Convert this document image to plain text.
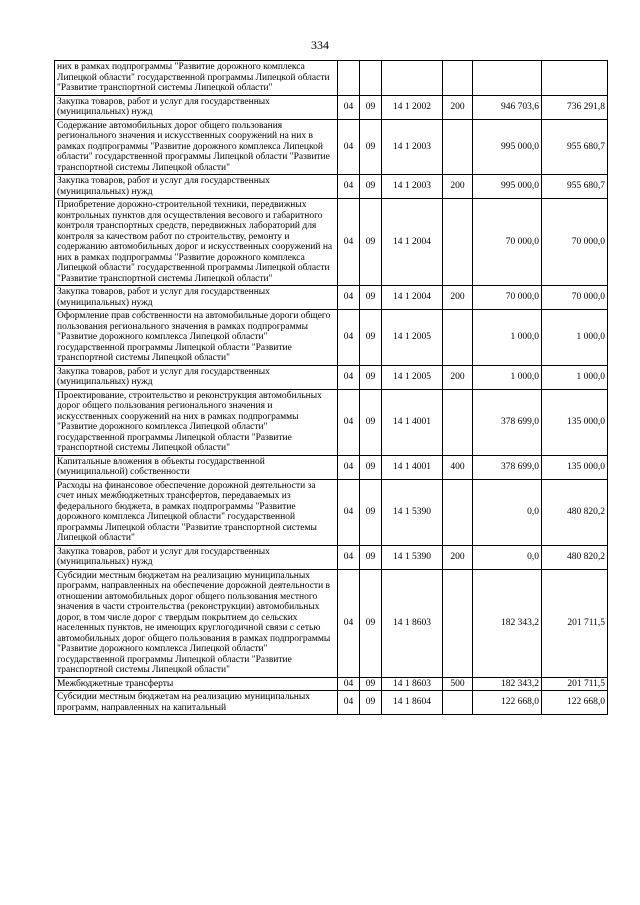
334
них в рамках подпрограммы "Развитие дорожного комплекса Липецкой области" государственной программы Липецкой области "Развитие транспортной системы Липецкой области"						
Закупка товаров, работ и услуг для государственных (муниципальных) нужд	04	09	14 1 2002	200	946 703,6	736 291,8
Содержание автомобильных дорог общего пользования регионального значения и искусственных сооружений на них в рамках подпрограммы "Развитие дорожного комплекса Липецкой области" государственной программы Липецкой области "Развитие транспортной системы Липецкой области"	04	09	14 1 2003		995 000,0	955 680,7
Закупка товаров, работ и услуг для государственных (муниципальных) нужд	04	09	14 1 2003	200	995 000,0	955 680,7
Приобретение дорожно-строительной техники, передвижных контрольных пунктов для осуществления весового и габаритного контроля транспортных средств, передвижных лабораторий для контроля за качеством работ по строительству, ремонту и содержанию автомобильных дорог и искусственных сооружений на них в рамках подпрограммы "Развитие дорожного комплекса Липецкой области" государственной программы Липецкой области "Развитие транспортной системы Липецкой области"	04	09	14 1 2004		70 000,0	70 000,0
Закупка товаров, работ и услуг для государственных (муниципальных) нужд	04	09	14 1 2004	200	70 000,0	70 000,0
Оформление прав собственности на автомобильные дороги общего пользования регионального значения в рамках подпрограммы "Развитие дорожного комплекса Липецкой области" государственной программы Липецкой области "Развитие транспортной системы Липецкой области"	04	09	14 1 2005		1 000,0	1 000,0
Закупка товаров, работ и услуг для государственных (муниципальных) нужд	04	09	14 1 2005	200	1 000,0	1 000,0
Проектирование, строительство и реконструкция автомобильных дорог общего пользования регионального значения и искусственных сооружений на них в рамках подпрограммы "Развитие дорожного комплекса Липецкой области" государственной программы Липецкой области "Развитие транспортной системы Липецкой области"	04	09	14 1 4001		378 699,0	135 000,0
Капитальные вложения в объекты государственной (муниципальной) собственности	04	09	14 1 4001	400	378 699,0	135 000,0
Расходы на финансовое обеспечение дорожной деятельности за счет иных межбюджетных трансфертов, передаваемых из федерального бюджета, в рамках подпрограммы "Развитие дорожного комплекса Липецкой области" государственной программы Липецкой области "Развитие транспортной системы Липецкой области"	04	09	14 1 5390		0,0	480 820,2
Закупка товаров, работ и услуг для государственных (муниципальных) нужд	04	09	14 1 5390	200	0,0	480 820,2
Субсидии местным бюджетам на реализацию муниципальных программ, направленных на обеспечение дорожной деятельности в отношении автомобильных дорог общего пользования местного значения в части строительства (реконструкции) автомобильных дорог, в том числе дорог с твердым покрытием до сельских населенных пунктов, не имеющих круглогодичной связи с сетью автомобильных дорог общего пользования в рамках подпрограммы "Развитие дорожного комплекса Липецкой области" государственной программы Липецкой области "Развитие транспортной системы Липецкой области"	04	09	14 1 8603		182 343,2	201 711,5
Межбюджетные трансферты	04	09	14 1 8603	500	182 343,2	201 711,5
Субсидии местным бюджетам на реализацию муниципальных программ, направленных на капитальный	04	09	14 1 8604		122 668,0	122 668,0
